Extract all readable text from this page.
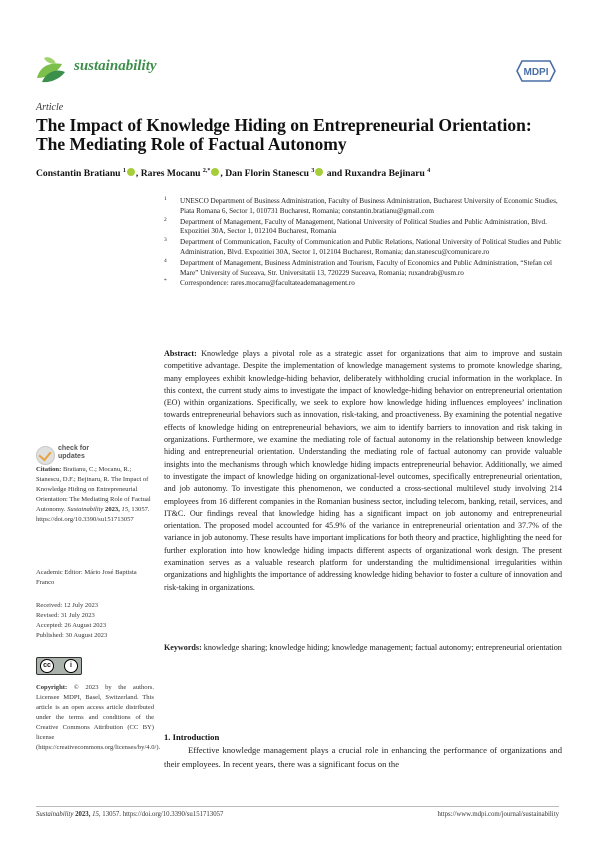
sustainability	MDPI
Article
The Impact of Knowledge Hiding on Entrepreneurial Orientation: The Mediating Role of Factual Autonomy
Constantin Bratianu $^1$ , Rares Mocanu $^{2,*}$ , Dan Florin Stanescu $^3$ and Ruxandra Bejinaru $^4$
1 UNESCO Department of Business Administration, Faculty of Business Administration, Bucharest University of Economic Studies, Piata Romana 6, Sector 1, 010731 Bucharest, Romania; constantin.bratianu@gmail.com
2 Department of Management, Faculty of Management, National University of Political Studies and Public Administration, Blvd. Expozitiei 30A, Sector 1, 012104 Bucharest, Romania
3 Department of Communication, Faculty of Communication and Public Relations, National University of Political Studies and Public Administration, Blvd. Expozitiei 30A, Sector 1, 012104 Bucharest, Romania; dan.stanescu@comunicare.ro
4 Department of Management, Business Administration and Tourism, Faculty of Economics and Public Administration, “Stefan cel Mare” University of Suceava, Str. Universitatii 13, 720229 Suceava, Romania; ruxandrab@usm.ro
* Correspondence: rares.mocanu@facultateademanagement.ro
Abstract: Knowledge plays a pivotal role as a strategic asset for organizations that aim to improve and sustain competitive advantage. Despite the implementation of knowledge management systems to promote knowledge sharing, many employees exhibit knowledge-hiding behavior, deliberately withholding crucial information in the workplace. In this context, the current study aims to investigate the impact of knowledge-hiding behavior on entrepreneurial orientation (EO) within organizations. Specifically, we seek to explore how knowledge hiding influences employees’ inclination towards entrepreneurial behaviors such as innovation, risk-taking, and proactiveness. By examining the potential negative effects of knowledge hiding on entrepreneurial behaviors, we aim to identify barriers to innovation and risk taking in organizations. Furthermore, we examine the mediating role of factual autonomy in the relationship between knowledge hiding and entrepreneurial orientation. Understanding the mediating role of factual autonomy can provide valuable insights into the mechanisms through which knowledge hiding impacts entrepreneurial behavior. Additionally, we aimed to investigate the impact of knowledge hiding on organizational-level outcomes, specifically entrepreneurial orientation, and job autonomy. To investigate this phenomenon, we conducted a cross-sectional multilevel study involving 214 employees from 16 different companies in the Romanian business sector, including telecom, banking, retail, services, and IT&C. Our findings reveal that knowledge hiding has a significant impact on job autonomy and entrepreneurial orientation. The proposed model accounted for 45.9% of the variance in entrepreneurial orientation and 37.7% of the variance in job autonomy. These results have important implications for both theory and practice, highlighting the need for further exploration into how knowledge hiding impacts different aspects of organizational work design. The present examination serves as a valuable research platform for understanding the multidimensional irregularities within organizations and highlights the importance of addressing knowledge hiding behavior to foster a culture of innovation and risk-taking in organizations.
Keywords: knowledge sharing; knowledge hiding; knowledge management; factual autonomy; entrepreneurial orientation
check for
updates
Citation: Bratianu, C.; Mocanu, R.; Stanescu, D.F.; Bejinaru, R. The Impact of Knowledge Hiding on Entrepreneurial Orientation: The Mediating Role of Factual Autonomy. Sustainability 2023, 15, 13057. https://doi.org/10.3390/su151713057
Academic Editor: Mário José Baptista Franco
Received: 12 July 2023
Revised: 31 July 2023
Accepted: 26 August 2023
Published: 30 August 2023
cc	i
Copyright: © 2023 by the authors. Licensee MDPI, Basel, Switzerland. This article is an open access article distributed under the terms and conditions of the Creative Commons Attribution (CC BY) license (https://creativecommons.org/licenses/by/4.0/).
1. Introduction
Effective knowledge management plays a crucial role in enhancing the performance of organizations and their employees. In recent years, there was a significant focus on the
Sustainability 2023, 15, 13057. https://doi.org/10.3390/su151713057	https://www.mdpi.com/journal/sustainability
